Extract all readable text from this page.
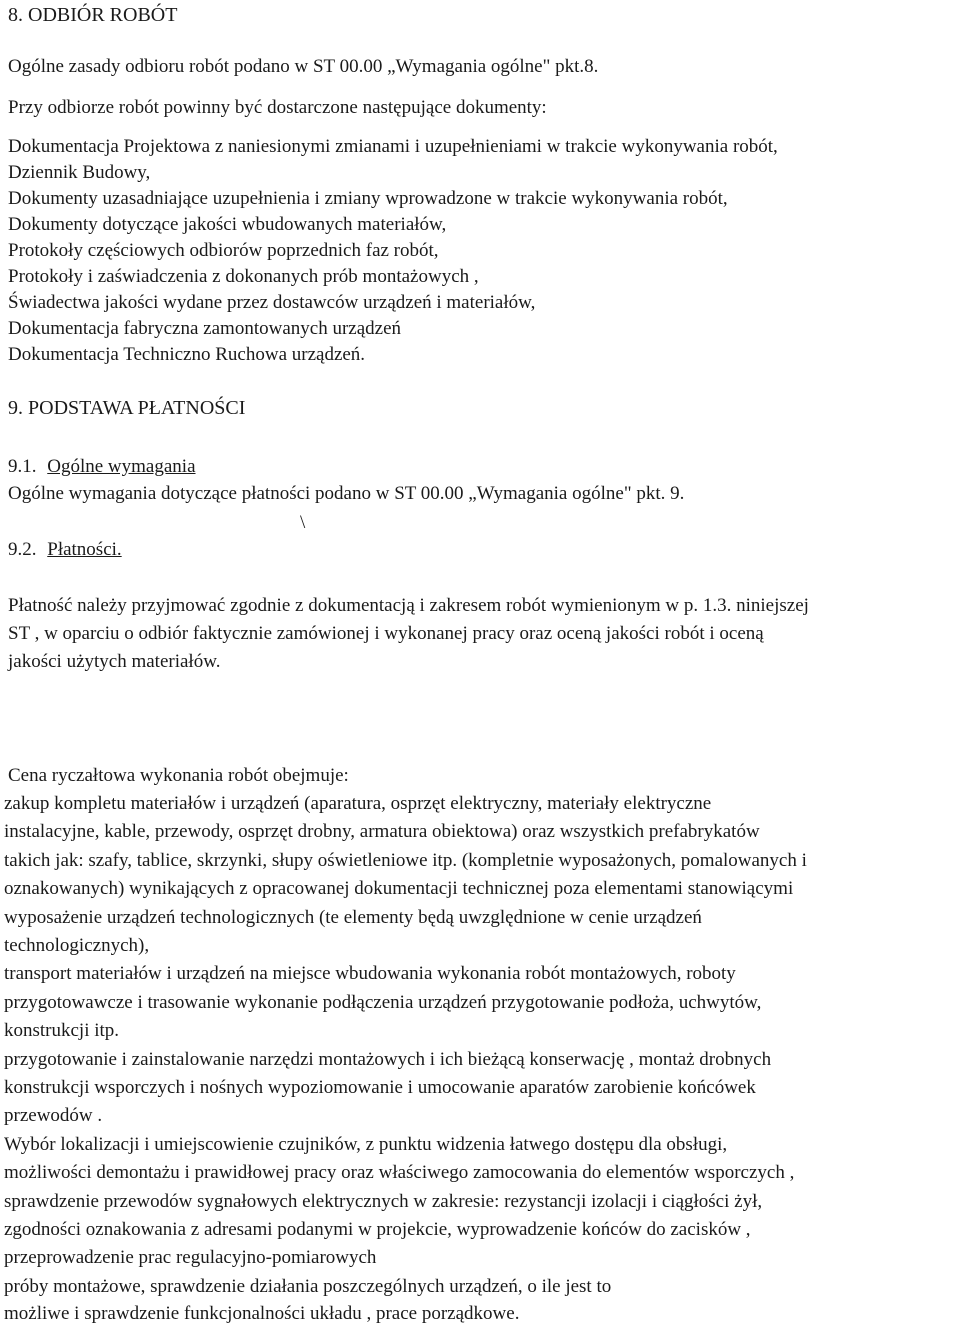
8. ODBIÓR ROBÓT
Ogólne zasady odbioru robót podano w ST 00.00 „Wymagania ogólne" pkt.8.
Przy odbiorze robót powinny być dostarczone następujące dokumenty:
Dokumentacja Projektowa z naniesionymi zmianami i uzupełnieniami w trakcie wykonywania robót,
Dziennik Budowy,
Dokumenty uzasadniające uzupełnienia i zmiany wprowadzone w trakcie wykonywania robót,
Dokumenty dotyczące jakości wbudowanych materiałów,
Protokoły częściowych odbiorów poprzednich faz robót,
Protokoły i zaświadczenia z dokonanych prób montażowych ,
Świadectwa jakości wydane przez dostawców urządzeń i materiałów,
Dokumentacja fabryczna zamontowanych urządzeń
Dokumentacja Techniczno Ruchowa urządzeń.
9. PODSTAWA PŁATNOŚCI
9.1. Ogólne wymagania
Ogólne wymagania dotyczące płatności podano w ST 00.00 „Wymagania ogólne" pkt. 9.
\
9.2. Płatności.
Płatność należy przyjmować zgodnie z dokumentacją i zakresem robót wymienionym w p. 1.3. niniejszej
ST , w oparciu o odbiór faktycznie zamówionej i wykonanej pracy oraz oceną jakości robót i oceną
jakości użytych materiałów.
Cena ryczałtowa wykonania robót obejmuje:
zakup kompletu materiałów i urządzeń (aparatura, osprzęt elektryczny, materiały elektryczne
instalacyjne, kable, przewody, osprzęt drobny, armatura obiektowa) oraz wszystkich prefabrykatów
takich jak: szafy, tablice, skrzynki, słupy oświetleniowe itp. (kompletnie wyposażonych, pomalowanych i
oznakowanych) wynikających z opracowanej dokumentacji technicznej poza elementami stanowiącymi
wyposażenie urządzeń technologicznych (te elementy będą uwzględnione w cenie urządzeń
technologicznych),
transport materiałów i urządzeń na miejsce wbudowania wykonania robót montażowych, roboty
przygotowawcze i trasowanie wykonanie podłączenia urządzeń przygotowanie podłoża, uchwytów,
konstrukcji itp.
przygotowanie i zainstalowanie narzędzi montażowych i ich bieżącą konserwację , montaż drobnych
konstrukcji wsporczych i nośnych wypoziomowanie i umocowanie aparatów zarobienie końcówek
przewodów .
Wybór lokalizacji i umiejscowienie czujników, z punktu widzenia łatwego dostępu dla obsługi,
możliwości demontażu i prawidłowej pracy oraz właściwego zamocowania do elementów wsporczych ,
sprawdzenie przewodów sygnałowych elektrycznych w zakresie: rezystancji izolacji i ciągłości żył,
zgodności oznakowania z adresami podanymi w projekcie, wyprowadzenie końców do zacisków ,
przeprowadzenie prac regulacyjno-pomiarowych
próby montażowe, sprawdzenie działania poszczególnych urządzeń, o ile jest to
możliwe i sprawdzenie funkcjonalności układu , prace porządkowe.
